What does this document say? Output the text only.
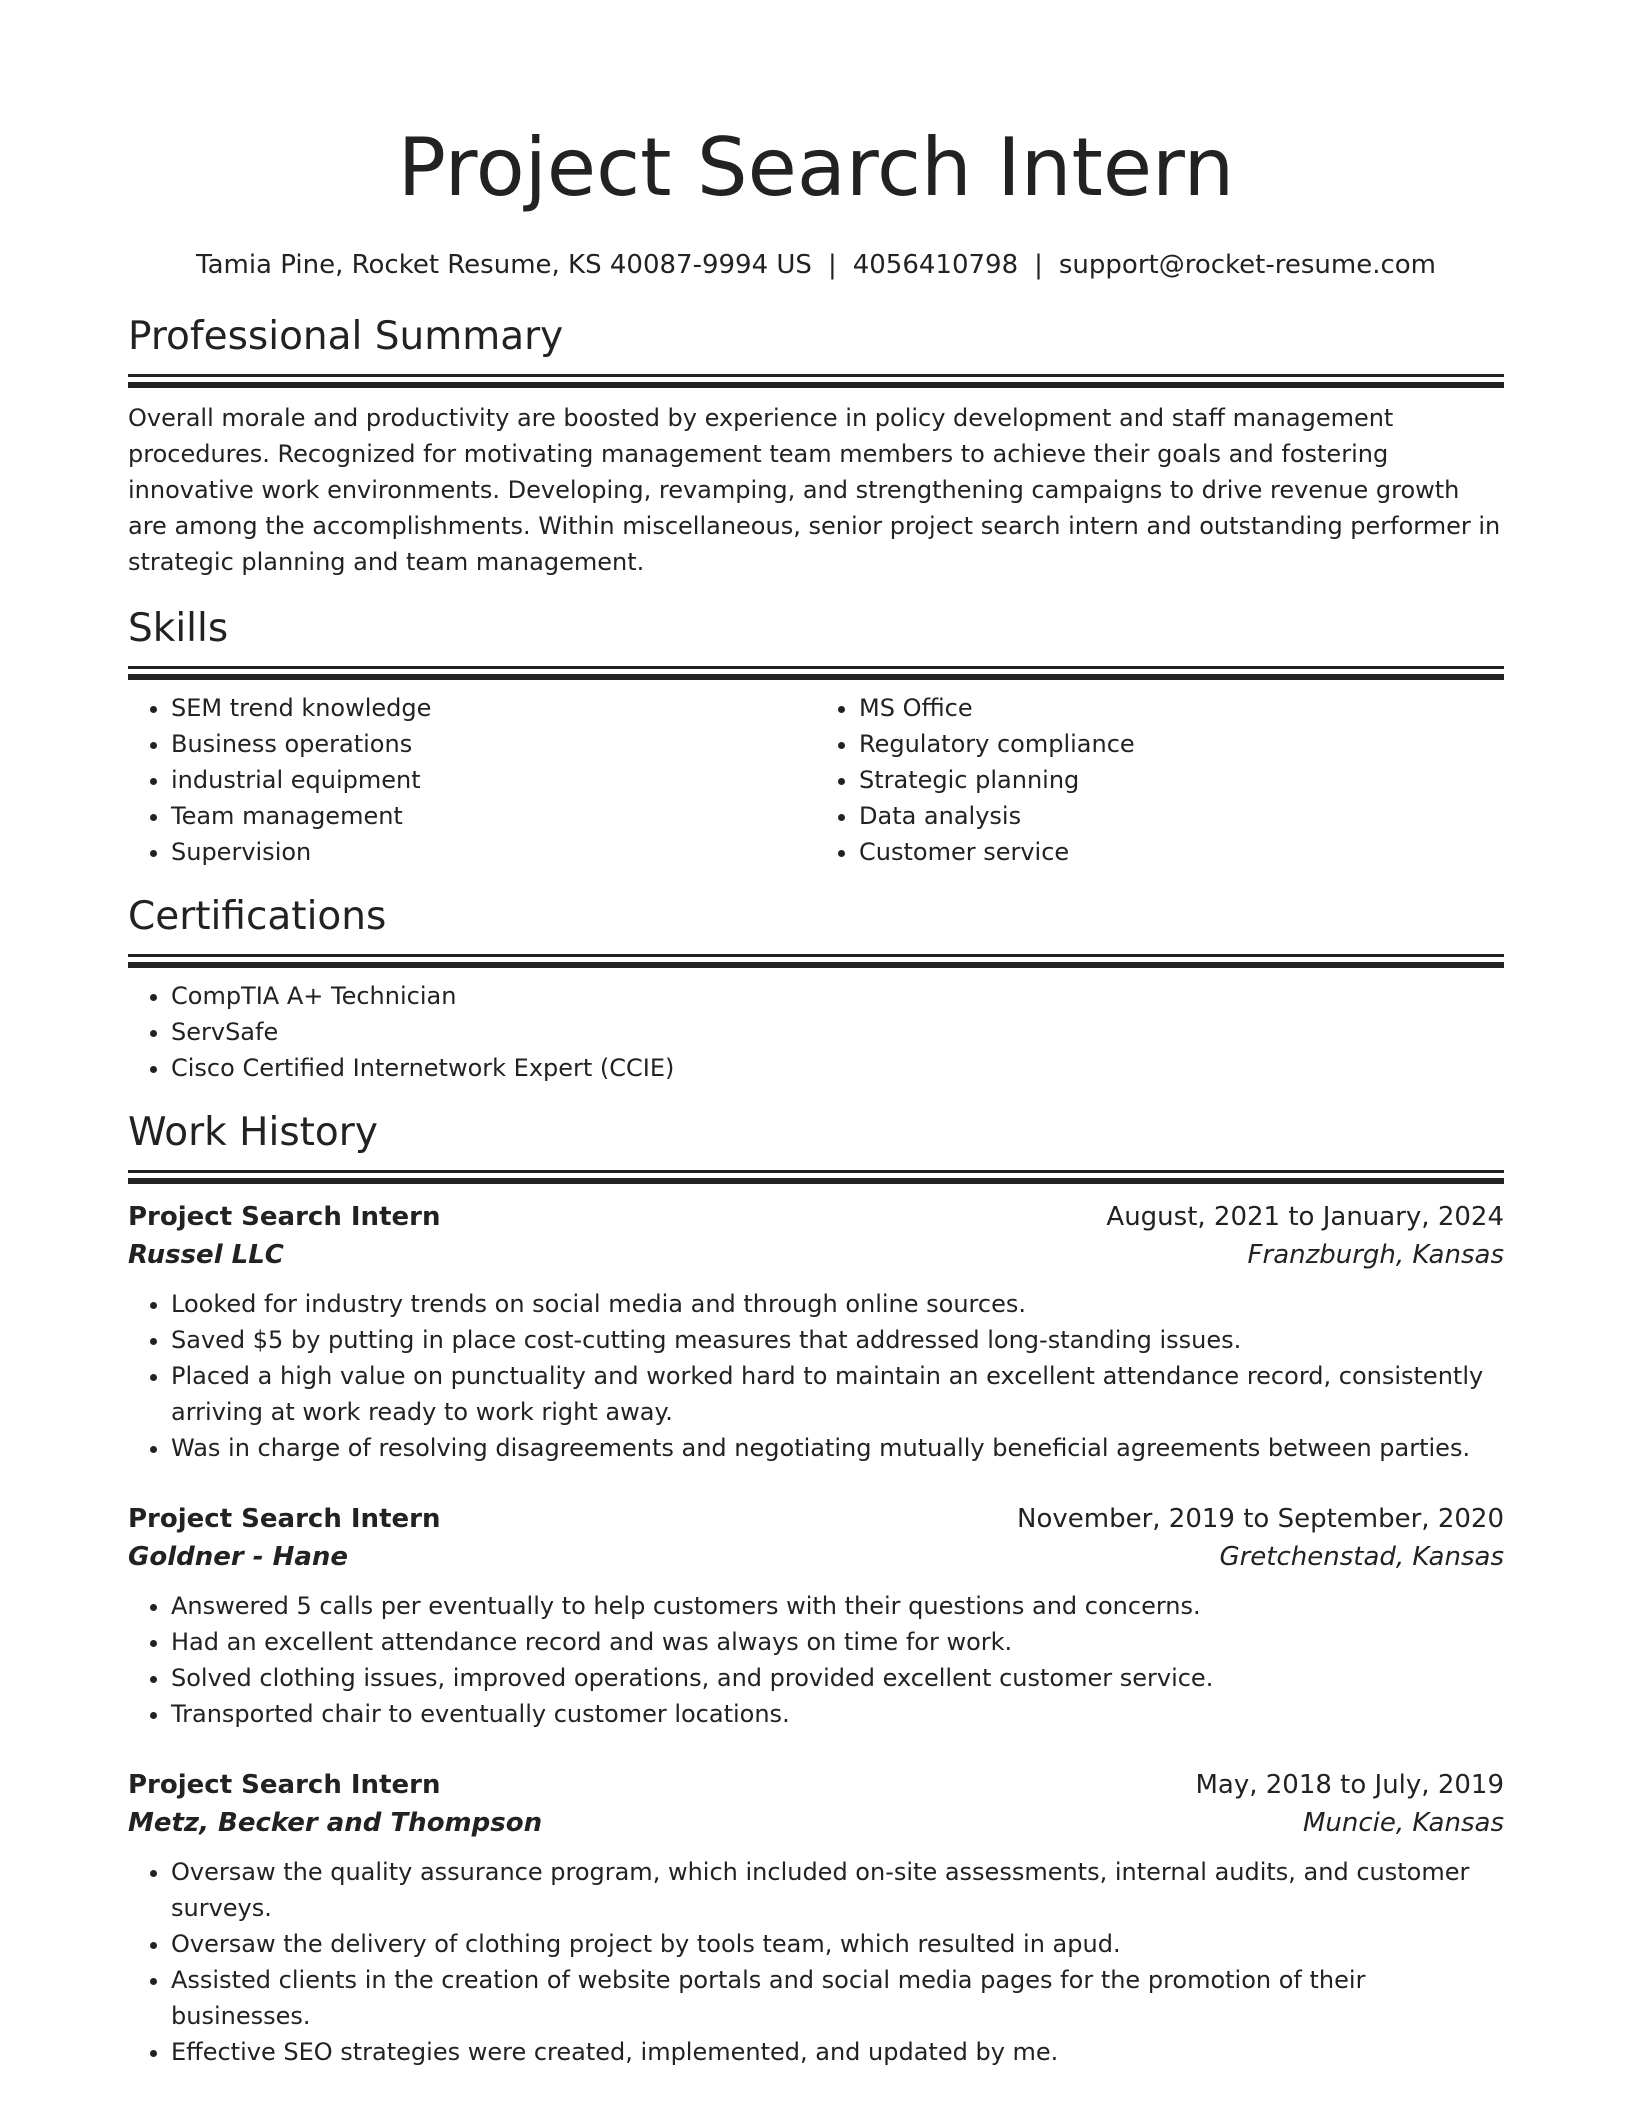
Project Search Intern
Tamia Pine, Rocket Resume, KS 40087-9994 US | 4056410798 | support@rocket-resume.com
Professional Summary

Overall morale and productivity are boosted by experience in policy development and staff management procedures. Recognized for motivating management team members to achieve their goals and fostering innovative work environments. Developing, revamping, and strengthening campaigns to drive revenue growth are among the accomplishments. Within miscellaneous, senior project search intern and outstanding performer in strategic planning and team management.

Skills
• SEM trend knowledge
• Business operations
• industrial equipment
• Team management
• Supervision
• MS Office
• Regulatory compliance
• Strategic planning
• Data analysis
• Customer service
Certifications
• CompTIA A+ Technician
• ServSafe
• Cisco Certified Internetwork Expert (CCIE)
Work History
Project Search Intern	August, 2021 to January, 2024
Russel LLC	Franzburgh, Kansas
• Looked for industry trends on social media and through online sources.
• Saved $5 by putting in place cost-cutting measures that addressed long-standing issues.
• Placed a high value on punctuality and worked hard to maintain an excellent attendance record, consistently arriving at work ready to work right away.
• Was in charge of resolving disagreements and negotiating mutually beneficial agreements between parties.
Project Search Intern	November, 2019 to September, 2020
Goldner - Hane	Gretchenstad, Kansas
• Answered 5 calls per eventually to help customers with their questions and concerns.
• Had an excellent attendance record and was always on time for work.
• Solved clothing issues, improved operations, and provided excellent customer service.
• Transported chair to eventually customer locations.
Project Search Intern	May, 2018 to July, 2019
Metz, Becker and Thompson	Muncie, Kansas
• Oversaw the quality assurance program, which included on-site assessments, internal audits, and customer surveys.
• Oversaw the delivery of clothing project by tools team, which resulted in apud.
• Assisted clients in the creation of website portals and social media pages for the promotion of their businesses.
• Effective SEO strategies were created, implemented, and updated by me.
